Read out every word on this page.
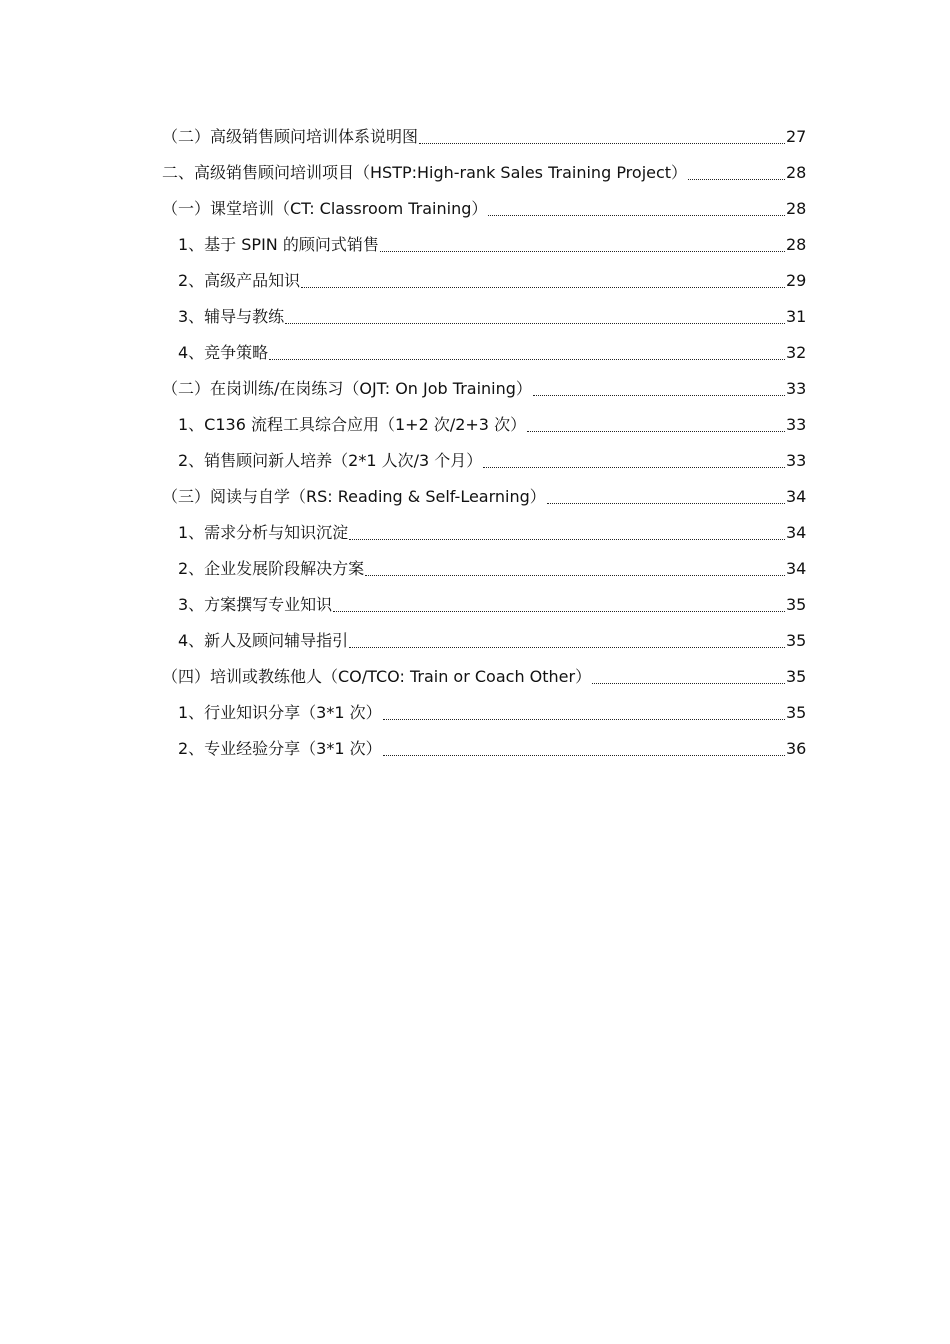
（二）高级销售顾问培训体系说明图	27
二、高级销售顾问培训项目（HSTP:High-rank Sales Training Project）	28
（一）课堂培训（CT: Classroom Training）	28
1、基于 SPIN 的顾问式销售	28
2、高级产品知识	29
3、辅导与教练	31
4、竞争策略	32
（二）在岗训练/在岗练习（OJT: On Job Training）	33
1、C136 流程工具综合应用（1+2 次/2+3 次）	33
2、销售顾问新人培养（2*1 人次/3 个月）	33
（三）阅读与自学（RS: Reading & Self-Learning）	34
1、需求分析与知识沉淀	34
2、企业发展阶段解决方案	34
3、方案撰写专业知识	35
4、新人及顾问辅导指引	35
（四）培训或教练他人（CO/TCO: Train or Coach Other）	35
1、行业知识分享（3*1 次）	35
2、专业经验分享（3*1 次）	36
